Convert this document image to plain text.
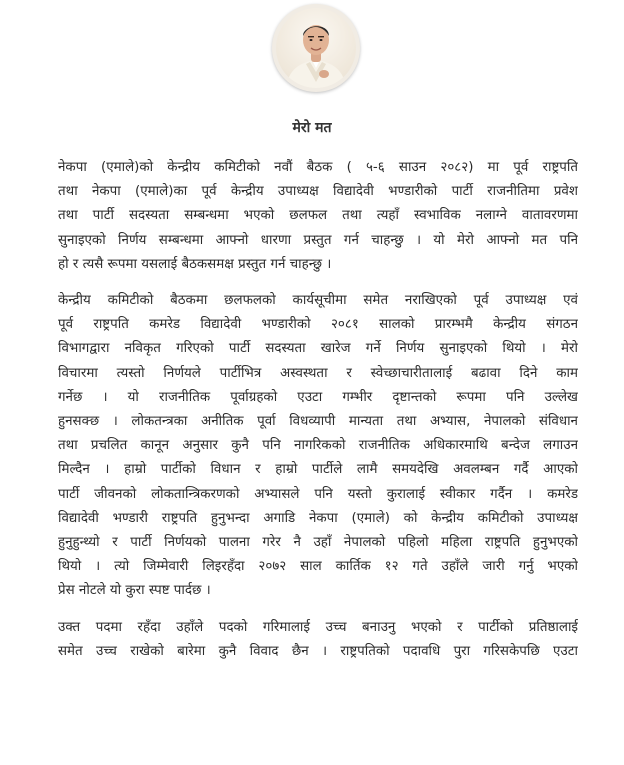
मेरो मत
नेकपा (एमाले)को केन्द्रीय कमिटीको नवौं बैठक ( ५-६ साउन २०८२) मा पूर्व राष्ट्रपति
तथा नेकपा (एमाले)का पूर्व केन्द्रीय उपाध्यक्ष विद्यादेवी भण्डारीको पार्टी राजनीतिमा प्रवेश
तथा पार्टी सदस्यता सम्बन्धमा भएको छलफल तथा त्यहाँ स्वभाविक नलाग्ने वातावरणमा
सुनाइएको निर्णय सम्बन्धमा आफ्नो धारणा प्रस्तुत गर्न चाहन्छु । यो मेरो आफ्नो मत पनि
हो र त्यसै रूपमा यसलाई बैठकसमक्ष प्रस्तुत गर्न चाहन्छु ।
केन्द्रीय कमिटीको बैठकमा छलफलको कार्यसूचीमा समेत नराखिएको पूर्व उपाध्यक्ष एवं
पूर्व राष्ट्रपति कमरेड विद्यादेवी भण्डारीको २०८१ सालको प्रारम्भमै केन्द्रीय संगठन
विभागद्वारा नविकृत गरिएको पार्टी सदस्यता खारेज गर्ने निर्णय सुनाइएको थियो । मेरो
विचारमा त्यस्तो निर्णयले पार्टीभित्र अस्वस्थता र स्वेच्छाचारीतालाई बढावा दिने काम
गर्नेछ । यो राजनीतिक पूर्वाग्रहको एउटा गम्भीर दृष्टान्तको रूपमा पनि उल्लेख
हुनसक्छ । लोकतन्त्रका अनीतिक पूर्वा विधव्यापी मान्यता तथा अभ्यास, नेपालको संविधान
तथा प्रचलित कानून अनुसार कुनै पनि नागरिकको राजनीतिक अधिकारमाथि बन्देज लगाउन
मिल्दैन । हाम्रो पार्टीको विधान र हाम्रो पार्टीले लामै समयदेखि अवलम्बन गर्दै आएको
पार्टी जीवनको लोकतान्त्रिकरणको अभ्यासले पनि यस्तो कुरालाई स्वीकार गर्दैन । कमरेड
विद्यादेवी भण्डारी राष्ट्रपति हुनुभन्दा अगाडि नेकपा (एमाले) को केन्द्रीय कमिटीको उपाध्यक्ष
हुनुहुन्थ्यो र पार्टी निर्णयको पालना गरेर नै उहाँ नेपालको पहिलो महिला राष्ट्रपति हुनुभएको
थियो । त्यो जिम्मेवारी लिइरहँदा २०७२ साल कार्तिक १२ गते उहाँले जारी गर्नु भएको
प्रेस नोटले यो कुरा स्पष्ट पार्दछ ।
उक्त पदमा रहँदा उहाँले पदको गरिमालाई उच्च बनाउनु भएको र पार्टीको प्रतिष्ठालाई
समेत उच्च राखेको बारेमा कुनै विवाद छैन । राष्ट्रपतिको पदावधि पुरा गरिसकेपछि एउटा
